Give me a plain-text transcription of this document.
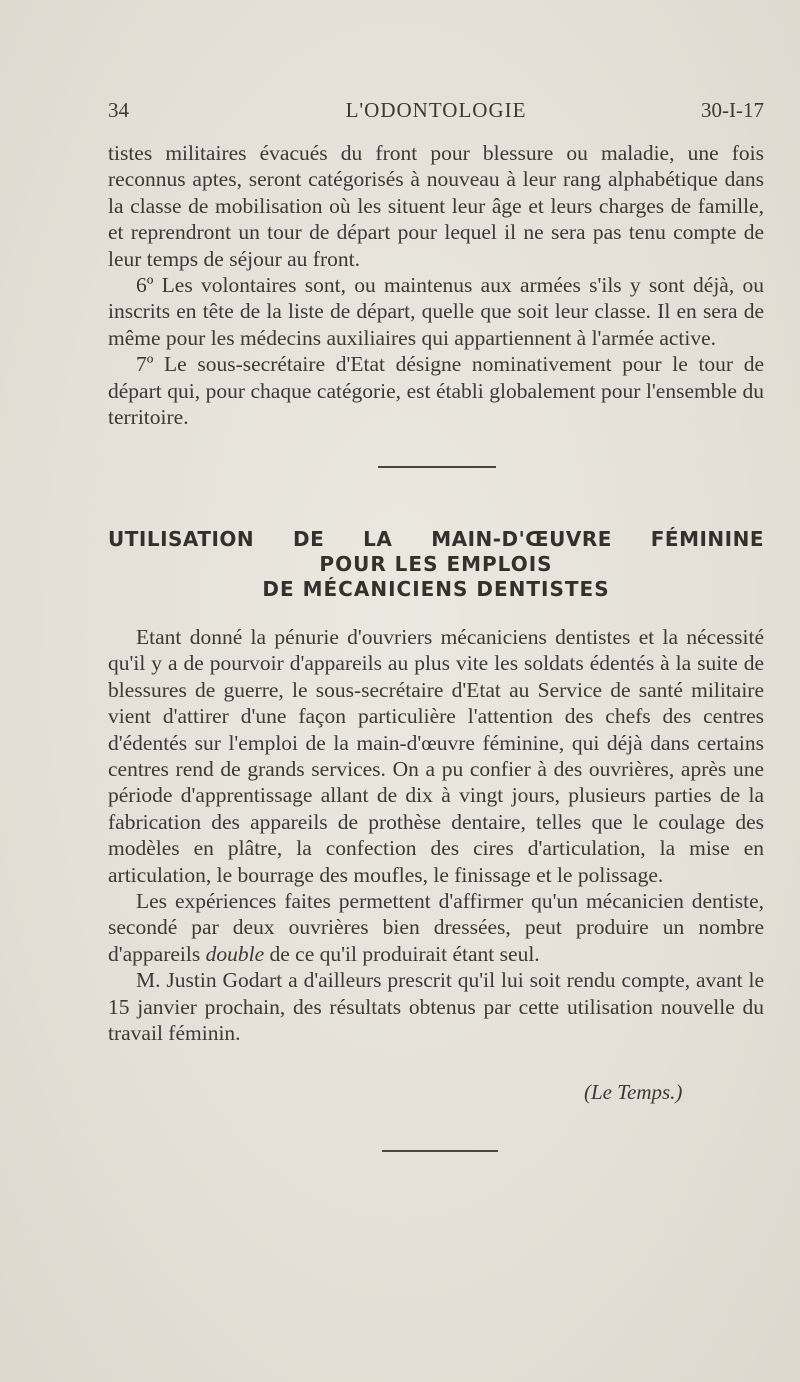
34	L'ODONTOLOGIE	30-I-17

tistes militaires évacués du front pour blessure ou maladie, une fois reconnus aptes, seront catégorisés à nouveau à leur rang alphabétique dans la classe de mobilisation où les situent leur âge et leurs charges de famille, et reprendront un tour de départ pour lequel il ne sera pas tenu compte de leur temps de séjour au front.

6º Les volontaires sont, ou maintenus aux armées s'ils y sont déjà, ou inscrits en tête de la liste de départ, quelle que soit leur classe. Il en sera de même pour les médecins auxiliaires qui appartiennent à l'armée active.

7º Le sous-secrétaire d'Etat désigne nominativement pour le tour de départ qui, pour chaque catégorie, est établi globalement pour l'ensemble du territoire.

UTILISATION DE LA MAIN-D'ŒUVRE FÉMININE
POUR LES EMPLOIS
DE MÉCANICIENS DENTISTES

Etant donné la pénurie d'ouvriers mécaniciens dentistes et la nécessité qu'il y a de pourvoir d'appareils au plus vite les soldats édentés à la suite de blessures de guerre, le sous-secrétaire d'Etat au Service de santé militaire vient d'attirer d'une façon particulière l'attention des chefs des centres d'édentés sur l'emploi de la main-d'œuvre féminine, qui déjà dans certains centres rend de grands services. On a pu confier à des ouvrières, après une période d'apprentissage allant de dix à vingt jours, plusieurs parties de la fabrication des appareils de prothèse dentaire, telles que le coulage des modèles en plâtre, la confection des cires d'articulation, la mise en articulation, le bourrage des moufles, le finissage et le polissage.

Les expériences faites permettent d'affirmer qu'un mécanicien dentiste, secondé par deux ouvrières bien dressées, peut produire un nombre d'appareils double de ce qu'il produirait étant seul.

M. Justin Godart a d'ailleurs prescrit qu'il lui soit rendu compte, avant le 15 janvier prochain, des résultats obtenus par cette utilisation nouvelle du travail féminin.

(Le Temps.)
